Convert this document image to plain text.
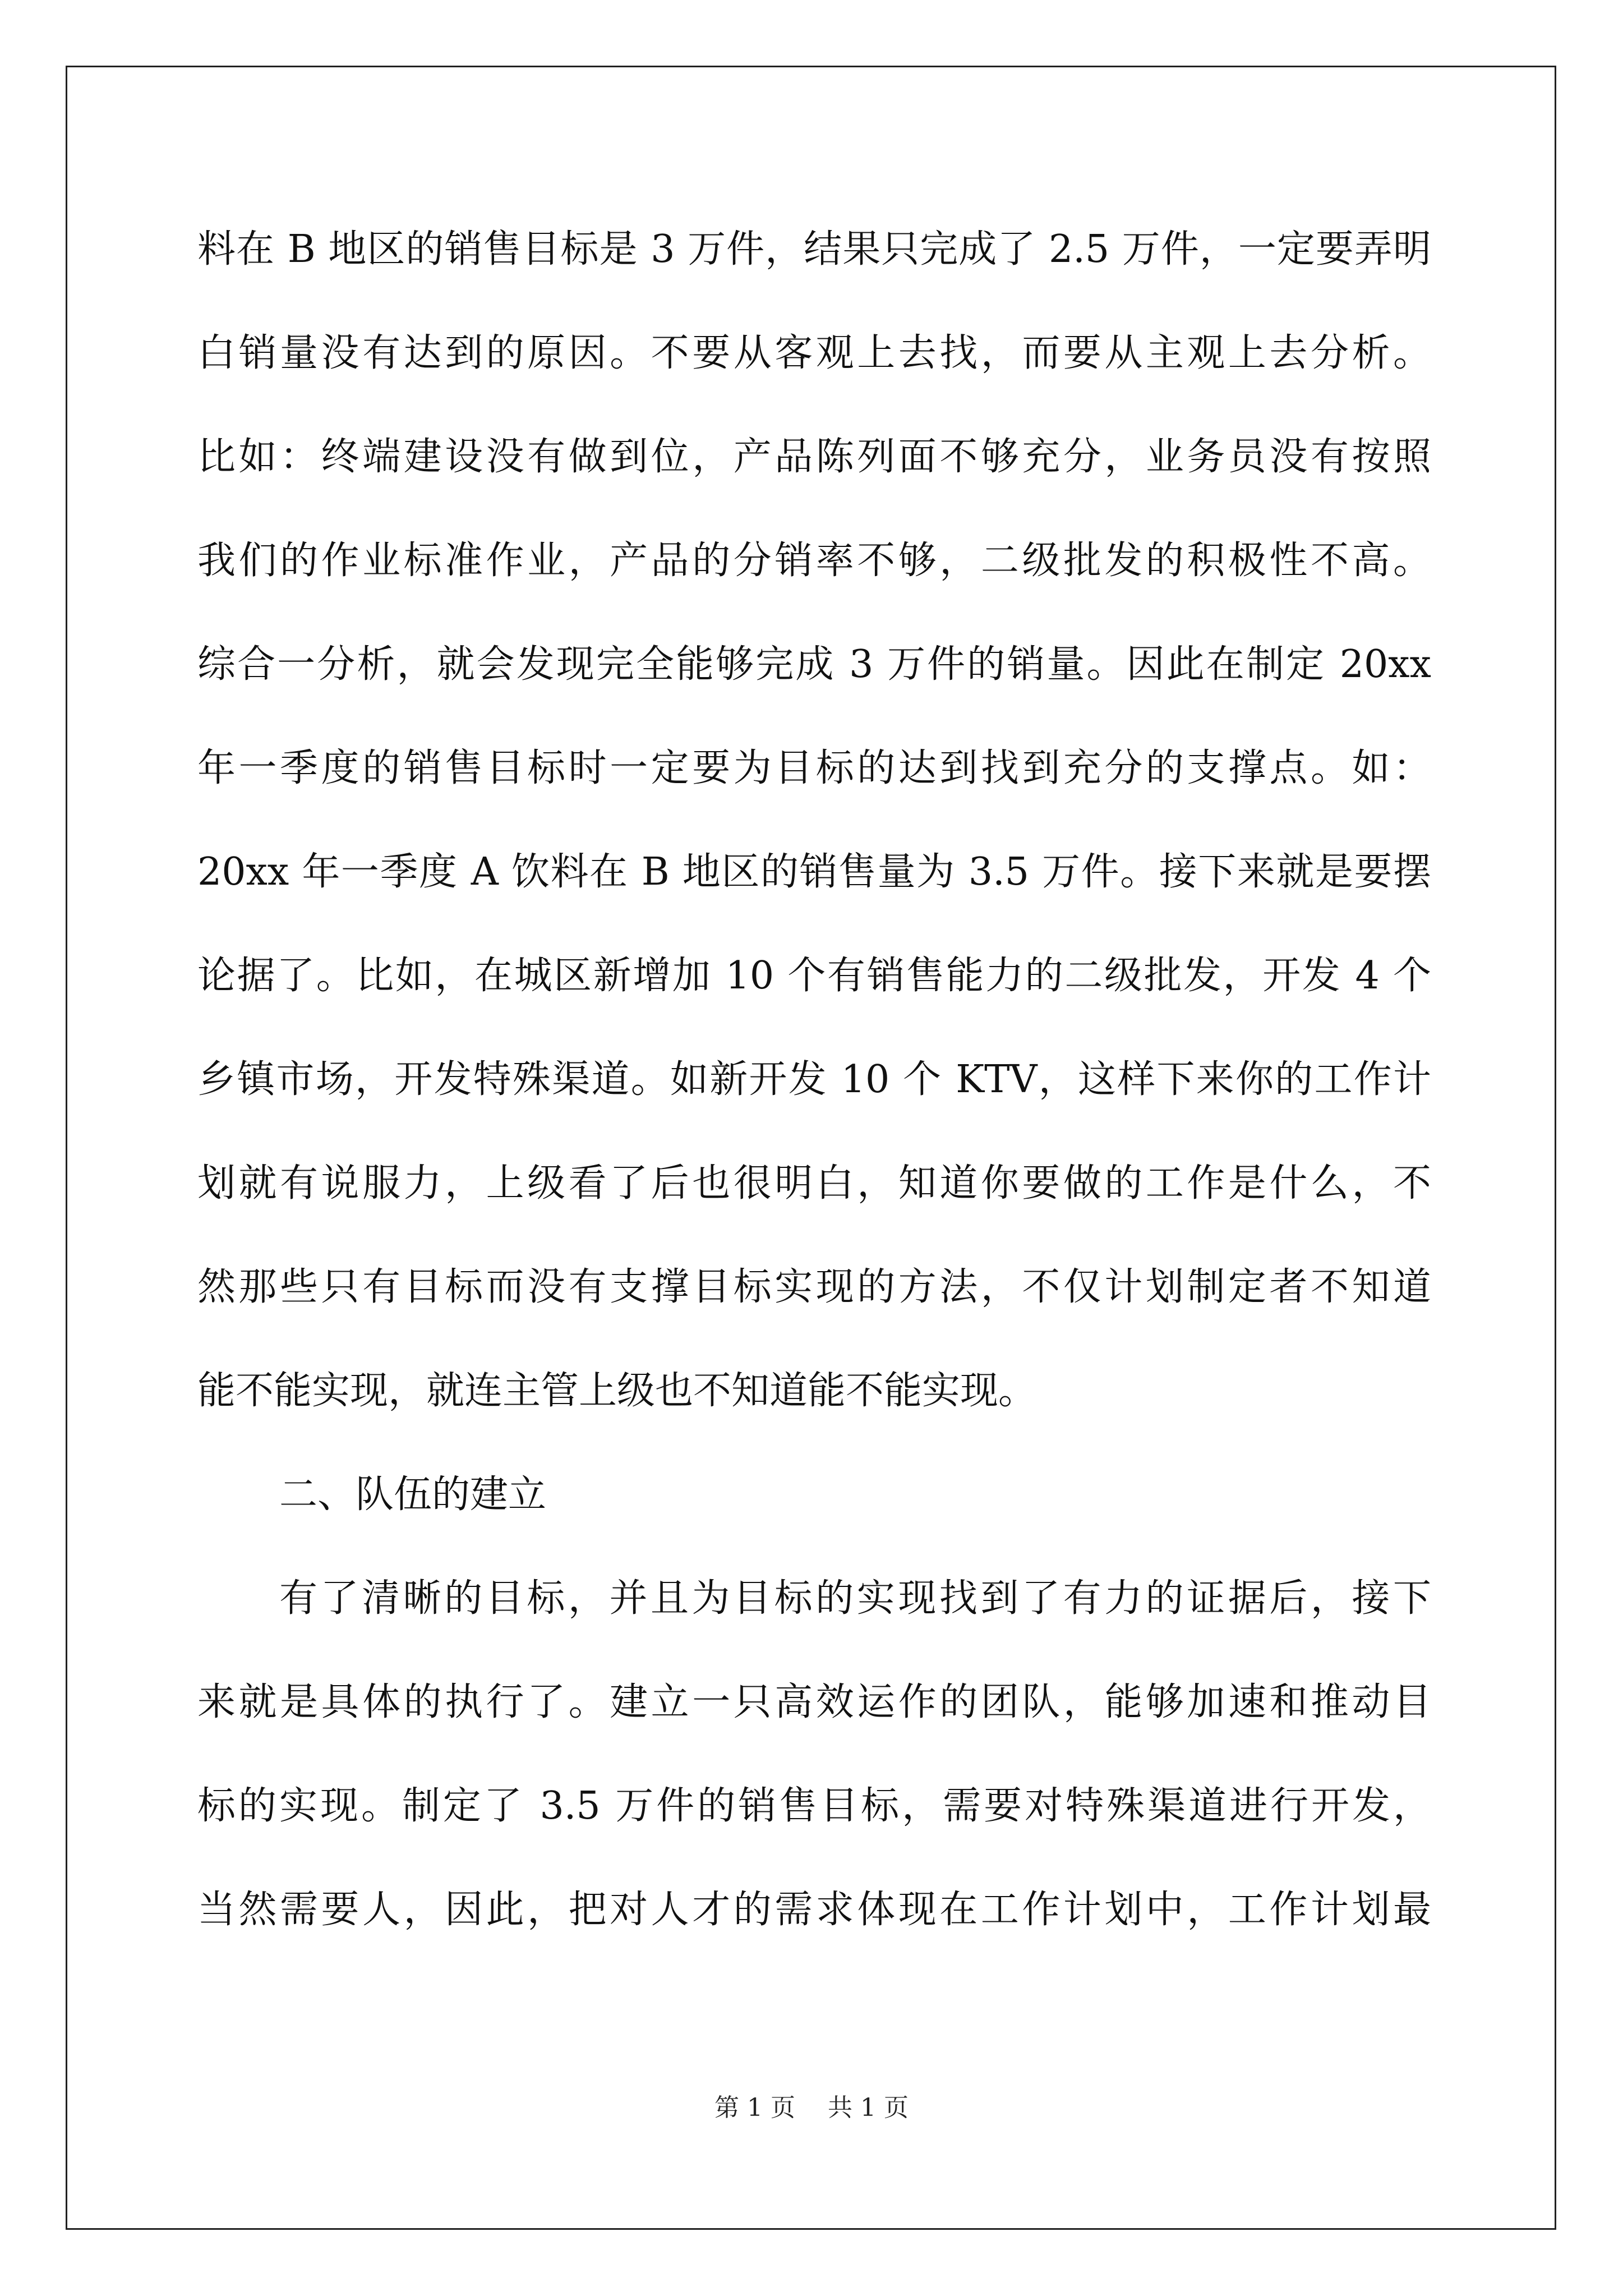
料在 B 地区的销售目标是 3 万件，结果只完成了 2.5 万件，一定要弄明
白销量没有达到的原因。不要从客观上去找，而要从主观上去分析。
比如：终端建设没有做到位，产品陈列面不够充分，业务员没有按照
我们的作业标准作业，产品的分销率不够，二级批发的积极性不高。
综合一分析，就会发现完全能够完成 3 万件的销量。因此在制定 20xx
年一季度的销售目标时一定要为目标的达到找到充分的支撑点。如：
20xx 年一季度 A 饮料在 B 地区的销售量为 3.5 万件。接下来就是要摆
论据了。比如，在城区新增加 10 个有销售能力的二级批发，开发 4 个
乡镇市场，开发特殊渠道。如新开发 10 个 KTV，这样下来你的工作计
划就有说服力，上级看了后也很明白，知道你要做的工作是什么，不
然那些只有目标而没有支撑目标实现的方法，不仅计划制定者不知道
能不能实现，就连主管上级也不知道能不能实现。
二、队伍的建立
有了清晰的目标，并且为目标的实现找到了有力的证据后，接下
来就是具体的执行了。建立一只高效运作的团队，能够加速和推动目
标的实现。制定了 3.5 万件的销售目标，需要对特殊渠道进行开发，
当然需要人，因此，把对人才的需求体现在工作计划中，工作计划最
第 1 页 共 1 页
